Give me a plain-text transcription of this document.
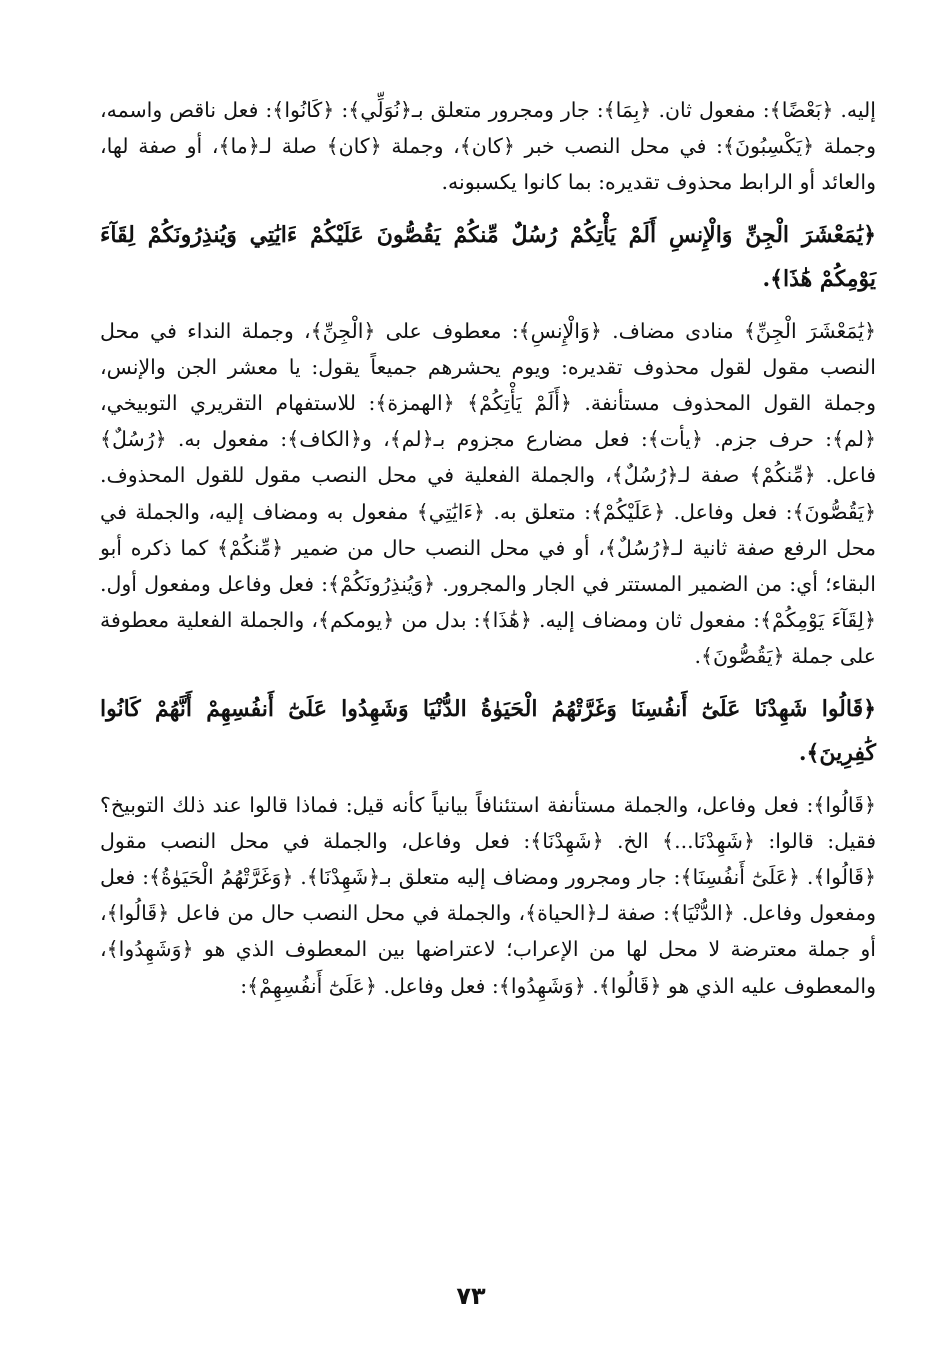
إليه. ﴿بَعْضًا﴾: مفعول ثان. ﴿بِمَا﴾: جار ومجرور متعلق بـ﴿نُوَلِّي﴾: ﴿كَانُوا﴾: فعل ناقص واسمه، وجملة ﴿يَكْسِبُونَ﴾: في محل النصب خبر ﴿كان﴾، وجملة ﴿كان﴾ صلة لـ﴿ما﴾، أو صفة لها، والعائد أو الرابط محذوف تقديره: بما كانوا يكسبونه.

﴿يَٰمَعْشَرَ الْجِنِّ وَالْإِنسِ أَلَمْ يَأْتِكُمْ رُسُلٌ مِّنكُمْ يَقُصُّونَ عَلَيْكُمْ ءَايَٰتِي وَيُنذِرُونَكُمْ لِقَآءَ يَوْمِكُمْ هَٰذَا﴾.

﴿يَٰمَعْشَرَ الْجِنِّ﴾ منادى مضاف. ﴿وَالْإِنسِ﴾: معطوف على ﴿الْجِنِّ﴾، وجملة النداء في محل النصب مقول لقول محذوف تقديره: ويوم يحشرهم جميعاً يقول: يا معشر الجن والإنس، وجملة القول المحذوف مستأنفة. ﴿أَلَمْ يَأْتِكُمْ﴾ ﴿الهمزة﴾: للاستفهام التقريري التوبيخي، ﴿لم﴾: حرف جزم. ﴿يأت﴾: فعل مضارع مجزوم بـ﴿لم﴾، و﴿الكاف﴾: مفعول به. ﴿رُسُلٌ﴾ فاعل. ﴿مِّنكُمْ﴾ صفة لـ﴿رُسُلٌ﴾، والجملة الفعلية في محل النصب مقول للقول المحذوف. ﴿يَقُصُّونَ﴾: فعل وفاعل. ﴿عَلَيْكُمْ﴾: متعلق به. ﴿ءَايَٰتِي﴾ مفعول به ومضاف إليه، والجملة في محل الرفع صفة ثانية لـ﴿رُسُلٌ﴾، أو في محل النصب حال من ضمير ﴿مِّنكُمْ﴾ كما ذكره أبو البقاء؛ أي: من الضمير المستتر في الجار والمجرور. ﴿وَيُنذِرُونَكُمْ﴾: فعل وفاعل ومفعول أول. ﴿لِقَآءَ يَوْمِكُمْ﴾: مفعول ثان ومضاف إليه. ﴿هَٰذَا﴾: بدل من ﴿يومكم﴾، والجملة الفعلية معطوفة على جملة ﴿يَقُصُّونَ﴾.

﴿قَالُوا شَهِدْنَا عَلَىٰٓ أَنفُسِنَا وَغَرَّتْهُمُ الْحَيَوٰةُ الدُّنْيَا وَشَهِدُوا عَلَىٰٓ أَنفُسِهِمْ أَنَّهُمْ كَانُوا كَٰفِرِينَ﴾.

﴿قَالُوا﴾: فعل وفاعل، والجملة مستأنفة استئنافاً بيانياً كأنه قيل: فماذا قالوا عند ذلك التوبيخ؟ فقيل: قالوا: ﴿شَهِدْنَا...﴾ الخ. ﴿شَهِدْنَا﴾: فعل وفاعل، والجملة في محل النصب مقول ﴿قَالُوا﴾. ﴿عَلَىٰٓ أَنفُسِنَا﴾: جار ومجرور ومضاف إليه متعلق بـ﴿شَهِدْنَا﴾. ﴿وَغَرَّتْهُمُ الْحَيَوٰةُ﴾: فعل ومفعول وفاعل. ﴿الدُّنْيَا﴾: صفة لـ﴿الحياة﴾، والجملة في محل النصب حال من فاعل ﴿قَالُوا﴾، أو جملة معترضة لا محل لها من الإعراب؛ لاعتراضها بين المعطوف الذي هو ﴿وَشَهِدُوا﴾، والمعطوف عليه الذي هو ﴿قَالُوا﴾. ﴿وَشَهِدُوا﴾: فعل وفاعل. ﴿عَلَىٰٓ أَنفُسِهِمْ﴾:

٧٣
